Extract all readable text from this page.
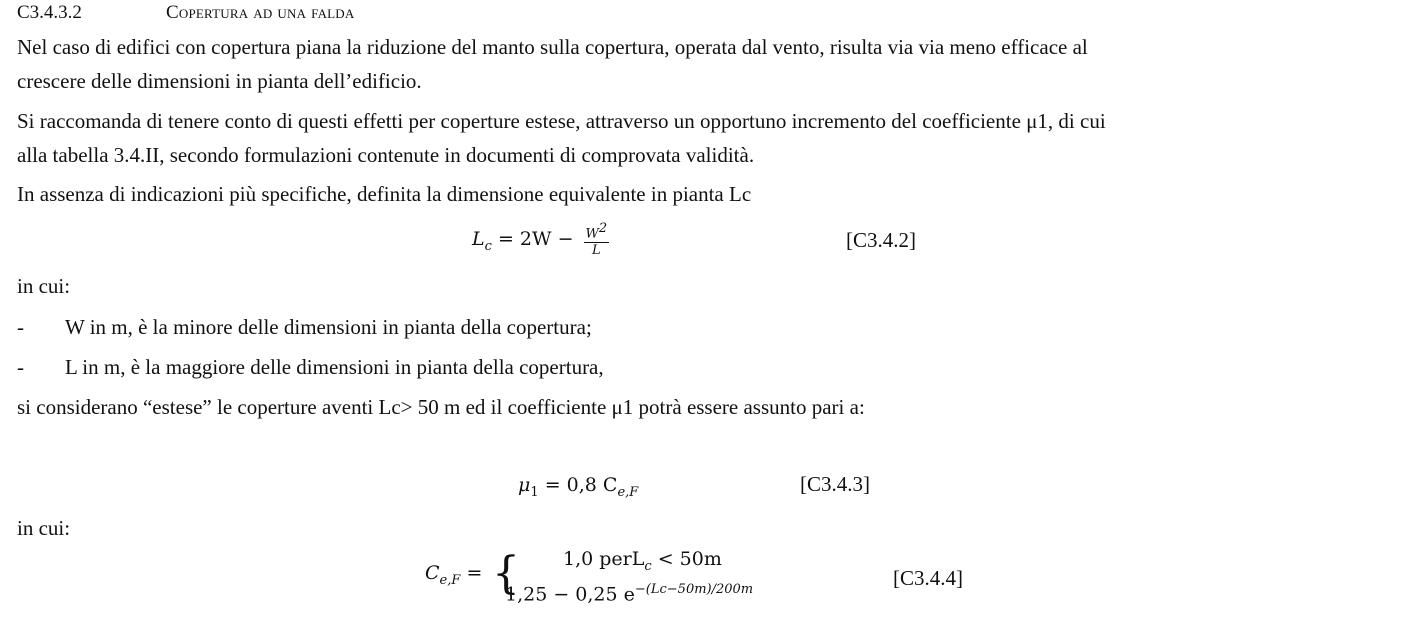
C3.4.3.2	Copertura ad una falda
Nel caso di edifici con copertura piana la riduzione del manto sulla copertura, operata dal vento, risulta via via meno efficace al
crescere delle dimensioni in pianta dell’edificio.
Si raccomanda di tenere conto di questi effetti per coperture estese, attraverso un opportuno incremento del coefficiente μ1, di cui
alla tabella 3.4.II, secondo formulazioni contenute in documenti di comprovata validità.
In assenza di indicazioni più specifiche, definita la dimensione equivalente in pianta Lc
$L_c = 2W - \frac{W^2}{L}$	[C3.4.2]
in cui:
- W in m, è la minore delle dimensioni in pianta della copertura;
- L in m, è la maggiore delle dimensioni in pianta della copertura,
si considerano “estese” le coperture aventi Lc> 50 m ed il coefficiente μ1 potrà essere assunto pari a:
$\mu_1 = 0,8$ $C_{e,F}$	[C3.4.3]
in cui:
$C_{e,F}$ = { 1,0 perL$_c$ < 50m
1,25 − 0,25 $e^{-(Lc-50m)/200m}$	[C3.4.4]
